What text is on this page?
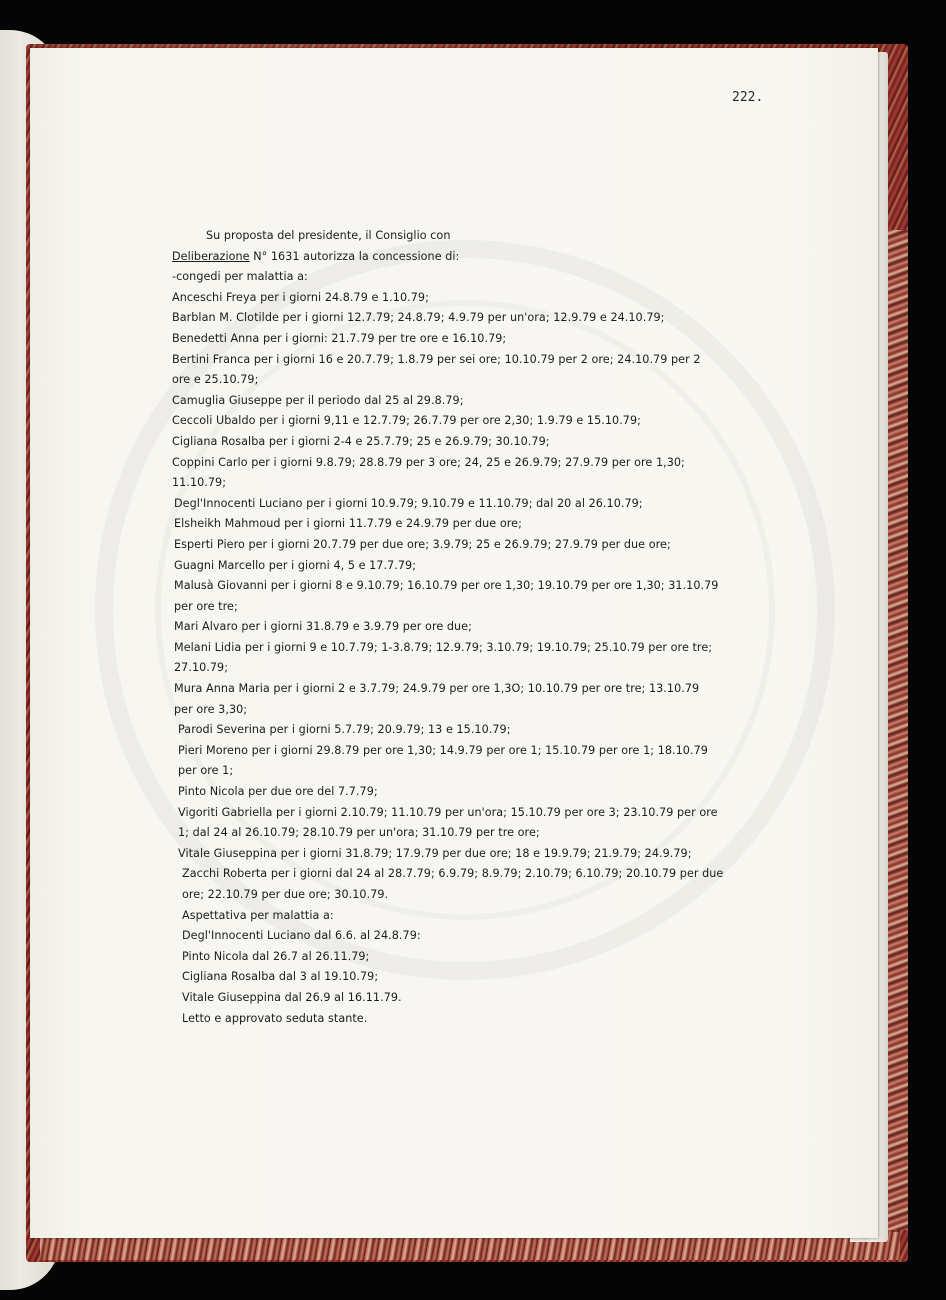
222.
Su proposta del presidente, il Consiglio con
Deliberazione N° 1631 autorizza la concessione di:
-congedi per malattia a:
Anceschi Freya per i giorni 24.8.79 e 1.10.79;
Barblan M. Clotilde per i giorni 12.7.79; 24.8.79; 4.9.79 per un'ora; 12.9.79 e 24.10.79;
Benedetti Anna per i giorni: 21.7.79 per tre ore e 16.10.79;
Bertini Franca per i giorni 16 e 20.7.79; 1.8.79 per sei ore; 10.10.79 per 2 ore; 24.10.79 per 2
ore e 25.10.79;
Camuglia Giuseppe per il periodo dal 25 al 29.8.79;
Ceccoli Ubaldo per i giorni 9,11 e 12.7.79; 26.7.79 per ore 2,30; 1.9.79 e 15.10.79;
Cigliana Rosalba per i giorni 2-4 e 25.7.79; 25 e 26.9.79; 30.10.79;
Coppini Carlo per i giorni 9.8.79; 28.8.79 per 3 ore; 24, 25 e 26.9.79; 27.9.79 per ore 1,30;
11.10.79;
Degl'Innocenti Luciano per i giorni 10.9.79; 9.10.79 e 11.10.79; dal 20 al 26.10.79;
Elsheikh Mahmoud per i giorni 11.7.79 e 24.9.79 per due ore;
Esperti Piero per i giorni 20.7.79 per due ore; 3.9.79; 25 e 26.9.79; 27.9.79 per due ore;
Guagni Marcello per i giorni 4, 5 e 17.7.79;
Malusà Giovanni per i giorni 8 e 9.10.79; 16.10.79 per ore 1,30; 19.10.79 per ore 1,30; 31.10.79
per ore tre;
Mari Alvaro per i giorni 31.8.79 e 3.9.79 per ore due;
Melani Lidia per i giorni 9 e 10.7.79; 1-3.8.79; 12.9.79; 3.10.79; 19.10.79; 25.10.79 per ore tre;
27.10.79;
Mura Anna Maria per i giorni 2 e 3.7.79; 24.9.79 per ore 1,3O; 10.10.79 per ore tre; 13.10.79
per ore 3,30;
Parodi Severina per i giorni 5.7.79; 20.9.79; 13 e 15.10.79;
Pieri Moreno per i giorni 29.8.79 per ore 1,30; 14.9.79 per ore 1; 15.10.79 per ore 1; 18.10.79
per ore 1;
Pinto Nicola per due ore del 7.7.79;
Vigoriti Gabriella per i giorni 2.10.79; 11.10.79 per un'ora; 15.10.79 per ore 3; 23.10.79 per ore
1; dal 24 al 26.10.79; 28.10.79 per un'ora; 31.10.79 per tre ore;
Vitale Giuseppina per i giorni 31.8.79; 17.9.79 per due ore; 18 e 19.9.79; 21.9.79; 24.9.79;
Zacchi Roberta per i giorni dal 24 al 28.7.79; 6.9.79; 8.9.79; 2.10.79; 6.10.79; 20.10.79 per due
ore; 22.10.79 per due ore; 30.10.79.
Aspettativa per malattia a:
Degl'Innocenti Luciano dal 6.6. al 24.8.79:
Pinto Nicola dal 26.7 al 26.11.79;
Cigliana Rosalba dal 3 al 19.10.79;
Vitale Giuseppina dal 26.9 al 16.11.79.
Letto e approvato seduta stante.
